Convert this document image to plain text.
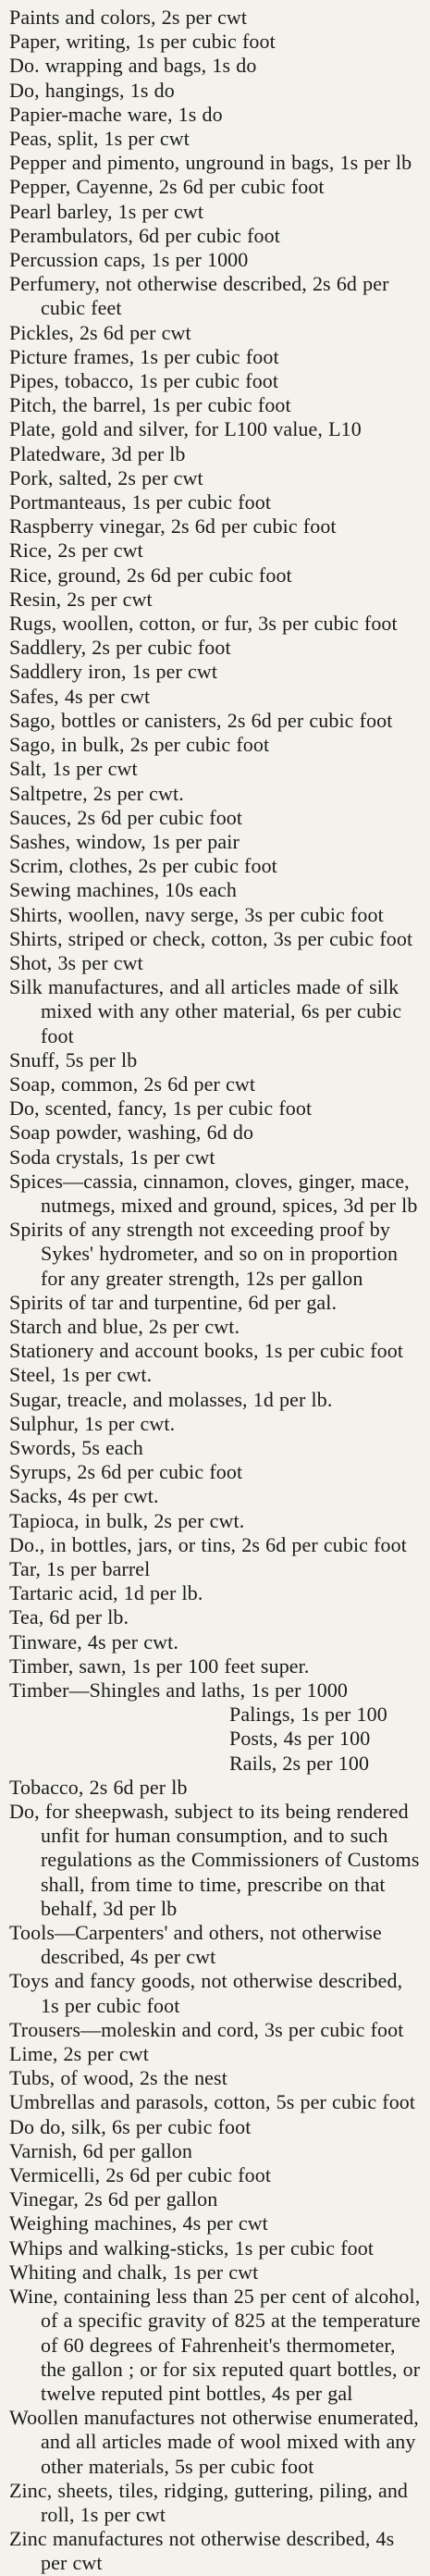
Paints and colors, 2s per cwt
Paper, writing, 1s per cubic foot
Do. wrapping and bags, 1s do
Do, hangings, 1s do
Papier-mache ware, 1s do
Peas, split, 1s per cwt
Pepper and pimento, unground in bags, 1s per lb
Pepper, Cayenne, 2s 6d per cubic foot
Pearl barley, 1s per cwt
Perambulators, 6d per cubic foot
Percussion caps, 1s per 1000
Perfumery, not otherwise described, 2s 6d per cubic feet
Pickles, 2s 6d per cwt
Picture frames, 1s per cubic foot
Pipes, tobacco, 1s per cubic foot
Pitch, the barrel, 1s per cubic foot
Plate, gold and silver, for L100 value, L10
Platedware, 3d per lb
Pork, salted, 2s per cwt
Portmanteaus, 1s per cubic foot
Raspberry vinegar, 2s 6d per cubic foot
Rice, 2s per cwt
Rice, ground, 2s 6d per cubic foot
Resin, 2s per cwt
Rugs, woollen, cotton, or fur, 3s per cubic foot
Saddlery, 2s per cubic foot
Saddlery iron, 1s per cwt
Safes, 4s per cwt
Sago, bottles or canisters, 2s 6d per cubic foot
Sago, in bulk, 2s per cubic foot
Salt, 1s per cwt
Saltpetre, 2s per cwt.
Sauces, 2s 6d per cubic foot
Sashes, window, 1s per pair
Scrim, clothes, 2s per cubic foot
Sewing machines, 10s each
Shirts, woollen, navy serge, 3s per cubic foot
Shirts, striped or check, cotton, 3s per cubic foot
Shot, 3s per cwt
Silk manufactures, and all articles made of silk mixed with any other material, 6s per cubic foot
Snuff, 5s per lb
Soap, common, 2s 6d per cwt
Do, scented, fancy, 1s per cubic foot
Soap powder, washing, 6d do
Soda crystals, 1s per cwt
Spices—cassia, cinnamon, cloves, ginger, mace, nutmegs, mixed and ground, spices, 3d per lb
Spirits of any strength not exceeding proof by Sykes' hydrometer, and so on in proportion for any greater strength, 12s per gallon
Spirits of tar and turpentine, 6d per gal.
Starch and blue, 2s per cwt.
Stationery and account books, 1s per cubic foot
Steel, 1s per cwt.
Sugar, treacle, and molasses, 1d per lb.
Sulphur, 1s per cwt.
Swords, 5s each
Syrups, 2s 6d per cubic foot
Sacks, 4s per cwt.
Tapioca, in bulk, 2s per cwt.
Do., in bottles, jars, or tins, 2s 6d per cubic foot
Tar, 1s per barrel
Tartaric acid, 1d per lb.
Tea, 6d per lb.
Tinware, 4s per cwt.
Timber, sawn, 1s per 100 feet super.
Timber—Shingles and laths, 1s per 1000
Palings, 1s per 100
Posts, 4s per 100
Rails, 2s per 100
Tobacco, 2s 6d per lb
Do, for sheepwash, subject to its being rendered unfit for human consumption, and to such regulations as the Commissioners of Customs shall, from time to time, prescribe on that behalf, 3d per lb
Tools—Carpenters' and others, not otherwise described, 4s per cwt
Toys and fancy goods, not otherwise described, 1s per cubic foot
Trousers—moleskin and cord, 3s per cubic foot
Lime, 2s per cwt
Tubs, of wood, 2s the nest
Umbrellas and parasols, cotton, 5s per cubic foot
Do do, silk, 6s per cubic foot
Varnish, 6d per gallon
Vermicelli, 2s 6d per cubic foot
Vinegar, 2s 6d per gallon
Weighing machines, 4s per cwt
Whips and walking-sticks, 1s per cubic foot
Whiting and chalk, 1s per cwt
Wine, containing less than 25 per cent of alcohol, of a specific gravity of 825 at the temperature of 60 degrees of Fahrenheit's thermometer, the gallon ; or for six reputed quart bottles, or twelve reputed pint bottles, 4s per gal
Woollen manufactures not otherwise enumerated, and all articles made of wool mixed with any other materials, 5s per cubic foot
Zinc, sheets, tiles, ridging, guttering, piling, and roll, 1s per cwt
Zinc manufactures not otherwise described, 4s per cwt
